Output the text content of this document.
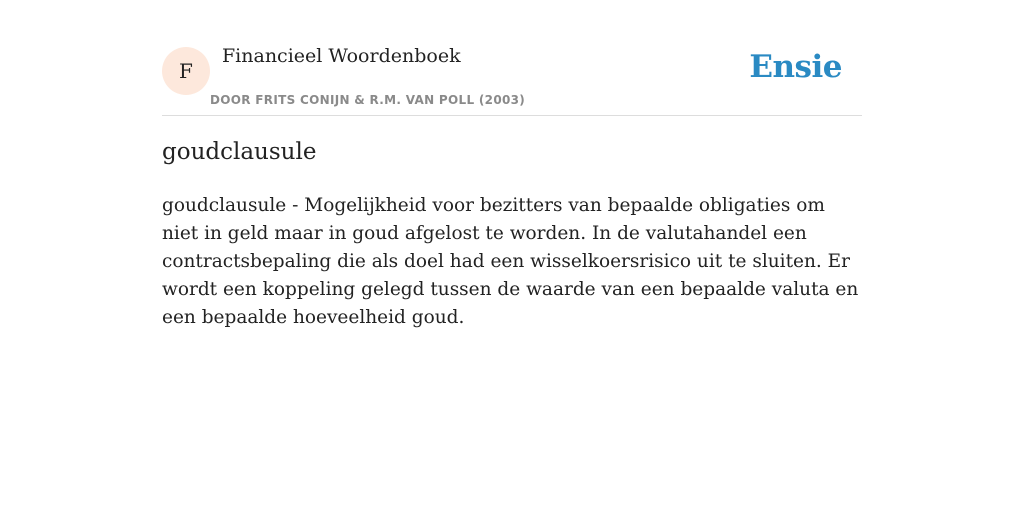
F
Financieel Woordenboek
DOOR FRITS CONIJN & R.M. VAN POLL (2003)
Ensie
goudclausule

goudclausule - Mogelijkheid voor bezitters van bepaalde obligaties om niet in geld maar in goud afgelost te worden. In de valutahandel een contractsbepaling die als doel had een wisselkoersrisico uit te sluiten. Er wordt een koppeling gelegd tussen de waarde van een bepaalde valuta en een bepaalde hoeveelheid goud.
